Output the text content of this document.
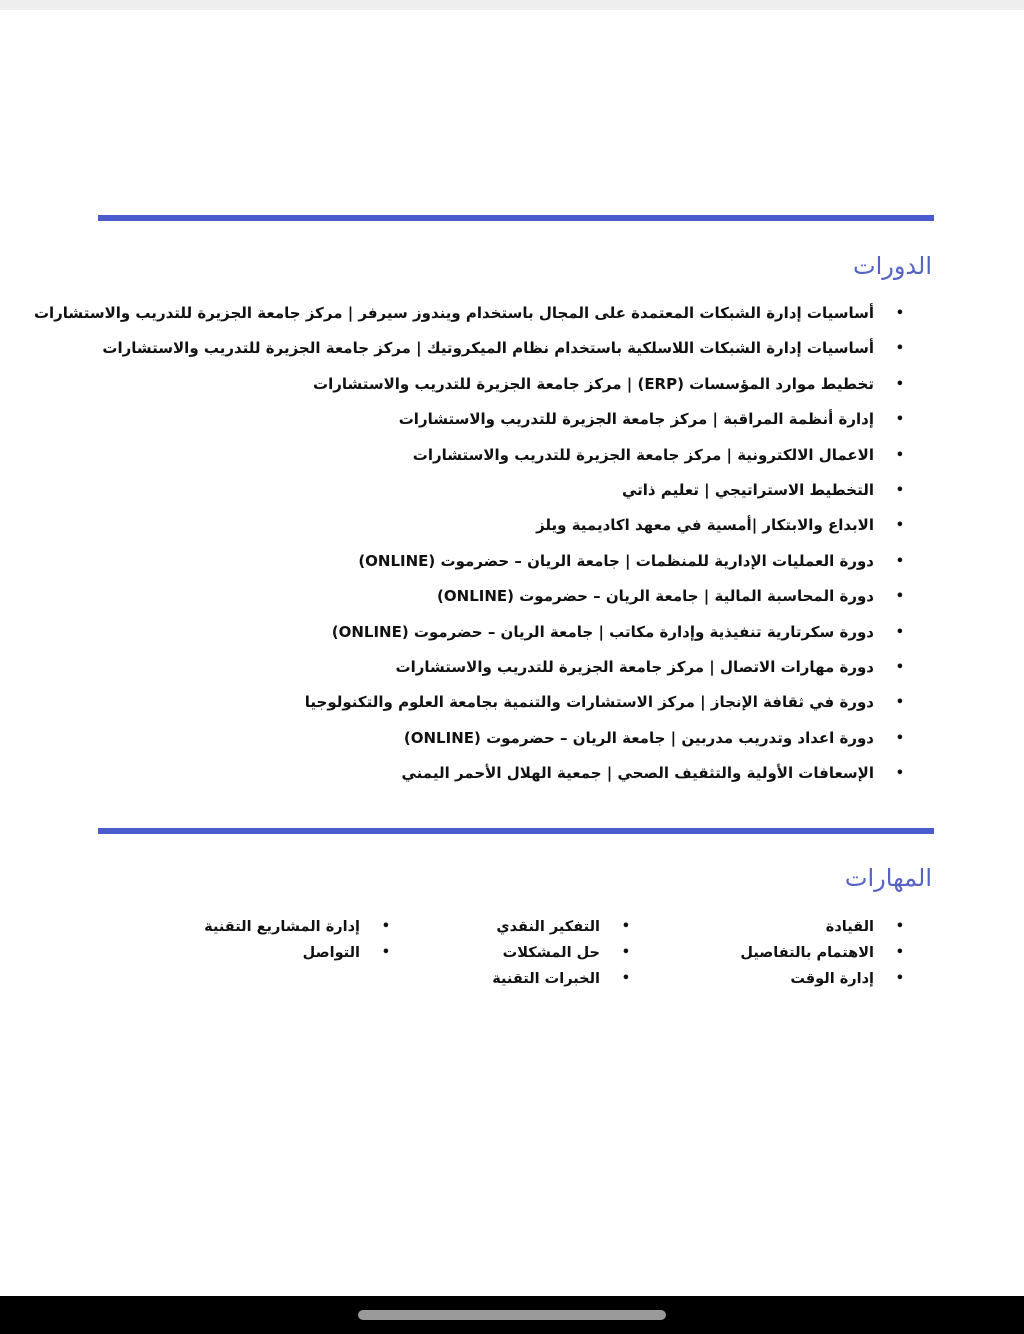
الدورات
•
أساسيات إدارة الشبكات المعتمدة على المجال باستخدام ويندوز سيرفر | مركز جامعة الجزيرة للتدريب والاستشارات
•
أساسيات إدارة الشبكات اللاسلكية باستخدام نظام الميكروتيك | مركز جامعة الجزيرة للتدريب والاستشارات
•
تخطيط موارد المؤسسات (ERP) | مركز جامعة الجزيرة للتدريب والاستشارات
•
إدارة أنظمة المراقبة | مركز جامعة الجزيرة للتدريب والاستشارات
•
الاعمال الالكترونية | مركز جامعة الجزيرة للتدريب والاستشارات
•
التخطيط الاستراتيجي | تعليم ذاتي
•
الابداع والابتكار |أمسية في معهد اكاديمية ويلز
•
دورة العمليات الإدارية للمنظمات | جامعة الريان – حضرموت (ONLINE)
•
دورة المحاسبة المالية | جامعة الريان – حضرموت (ONLINE)
•
دورة سكرتارية تنفيذية وإدارة مكاتب | جامعة الريان – حضرموت (ONLINE)
•
دورة مهارات الاتصال | مركز جامعة الجزيرة للتدريب والاستشارات
•
دورة في ثقافة الإنجاز | مركز الاستشارات والتنمية بجامعة العلوم والتكنولوجيا
•
دورة اعداد وتدريب مدربين | جامعة الريان – حضرموت (ONLINE)
•
الإسعافات الأولية والتثقيف الصحي | جمعية الهلال الأحمر اليمني
المهارات
•
القيادة
•
الاهتمام بالتفاصيل
•
إدارة الوقت
•
التفكير النقدي
•
حل المشكلات
•
الخبرات التقنية
•
إدارة المشاريع التقنية
•
التواصل
